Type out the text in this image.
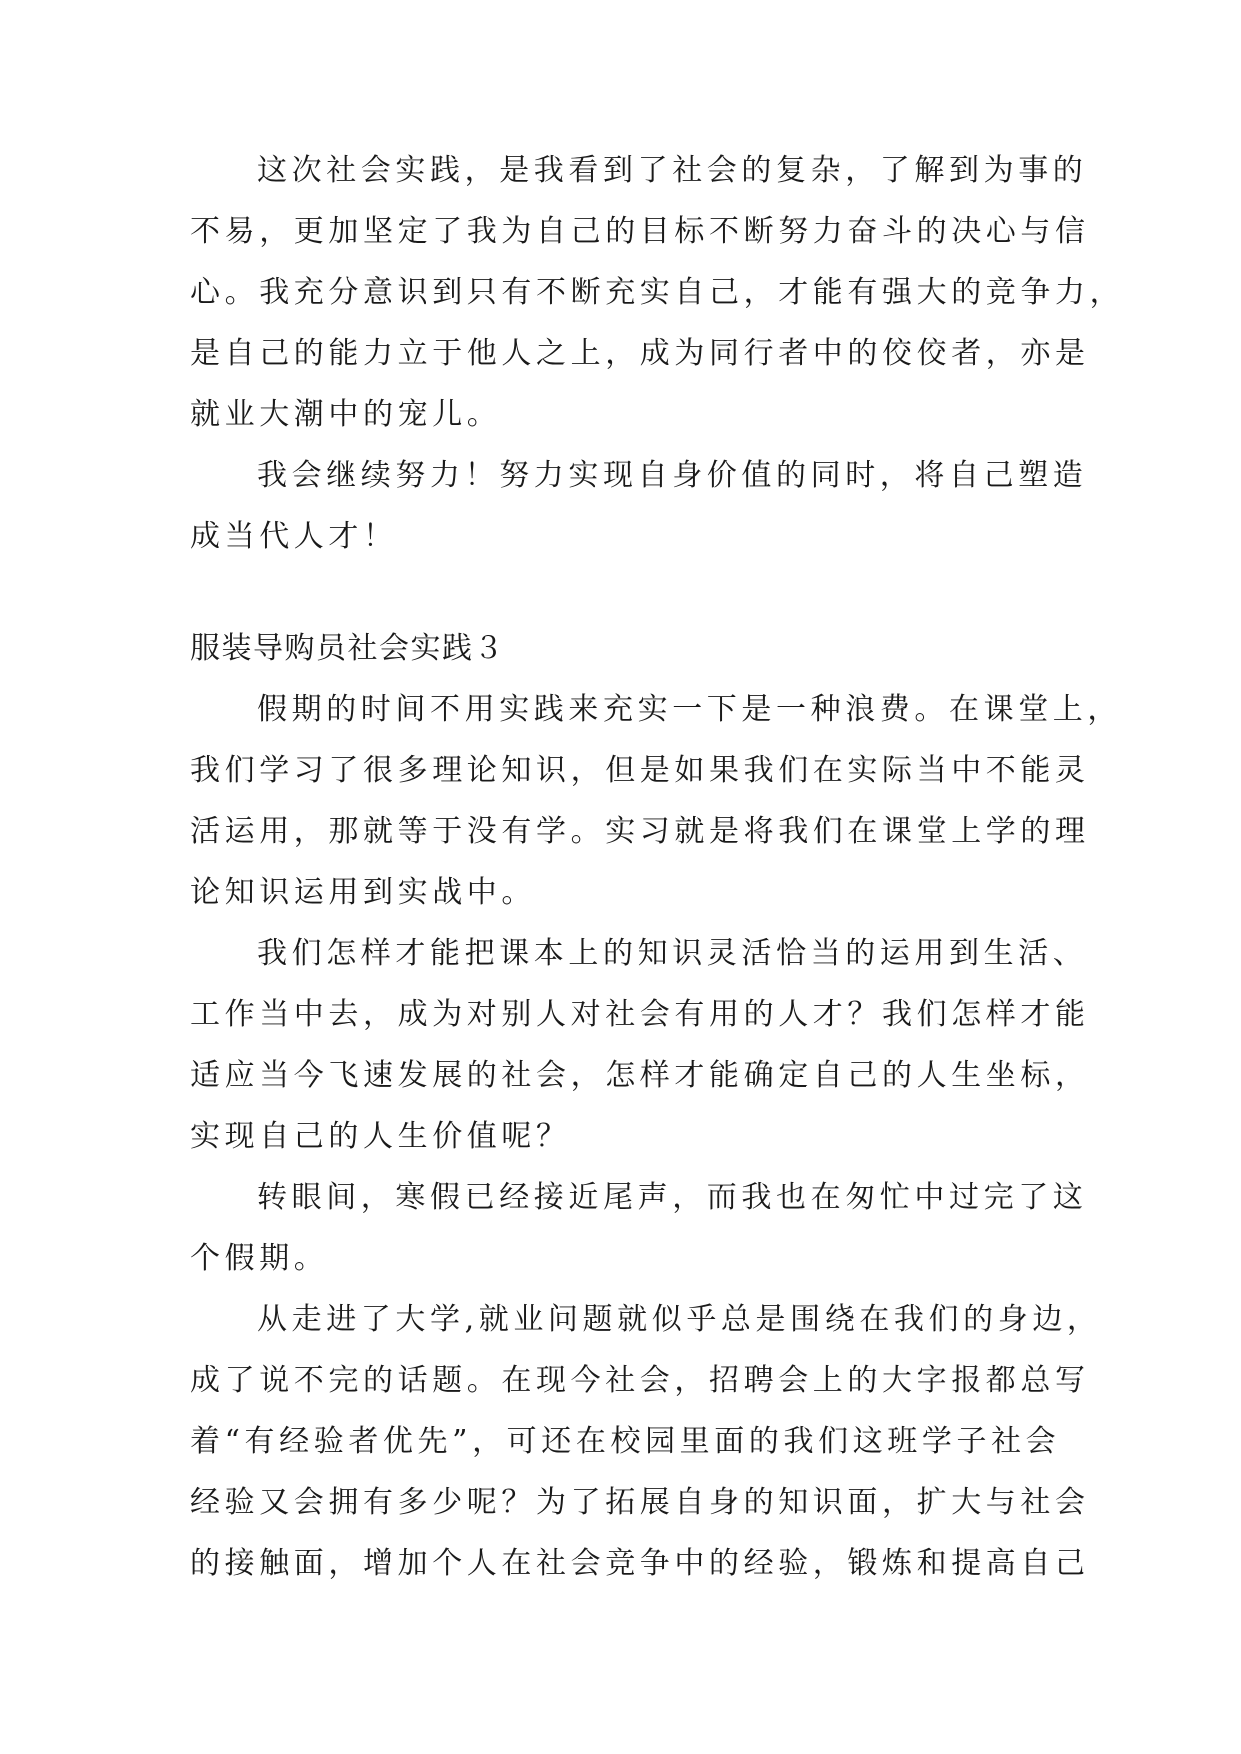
这次社会实践，是我看到了社会的复杂，了解到为事的
不易，更加坚定了我为自己的目标不断努力奋斗的决心与信
心。我充分意识到只有不断充实自己，才能有强大的竞争力，
是自己的能力立于他人之上，成为同行者中的佼佼者，亦是
就业大潮中的宠儿。
我会继续努力！努力实现自身价值的同时，将自己塑造
成当代人才！
服装导购员社会实践３
假期的时间不用实践来充实一下是一种浪费。在课堂上，
我们学习了很多理论知识，但是如果我们在实际当中不能灵
活运用，那就等于没有学。实习就是将我们在课堂上学的理
论知识运用到实战中。
我们怎样才能把课本上的知识灵活恰当的运用到生活、
工作当中去，成为对别人对社会有用的人才？我们怎样才能
适应当今飞速发展的社会，怎样才能确定自己的人生坐标，
实现自己的人生价值呢？
转眼间，寒假已经接近尾声，而我也在匆忙中过完了这
个假期。
从走进了大学,就业问题就似乎总是围绕在我们的身边，
成了说不完的话题。在现今社会，招聘会上的大字报都总写
着“有经验者优先”，可还在校园里面的我们这班学子社会
经验又会拥有多少呢？为了拓展自身的知识面，扩大与社会
的接触面，增加个人在社会竞争中的经验，锻炼和提高自己
